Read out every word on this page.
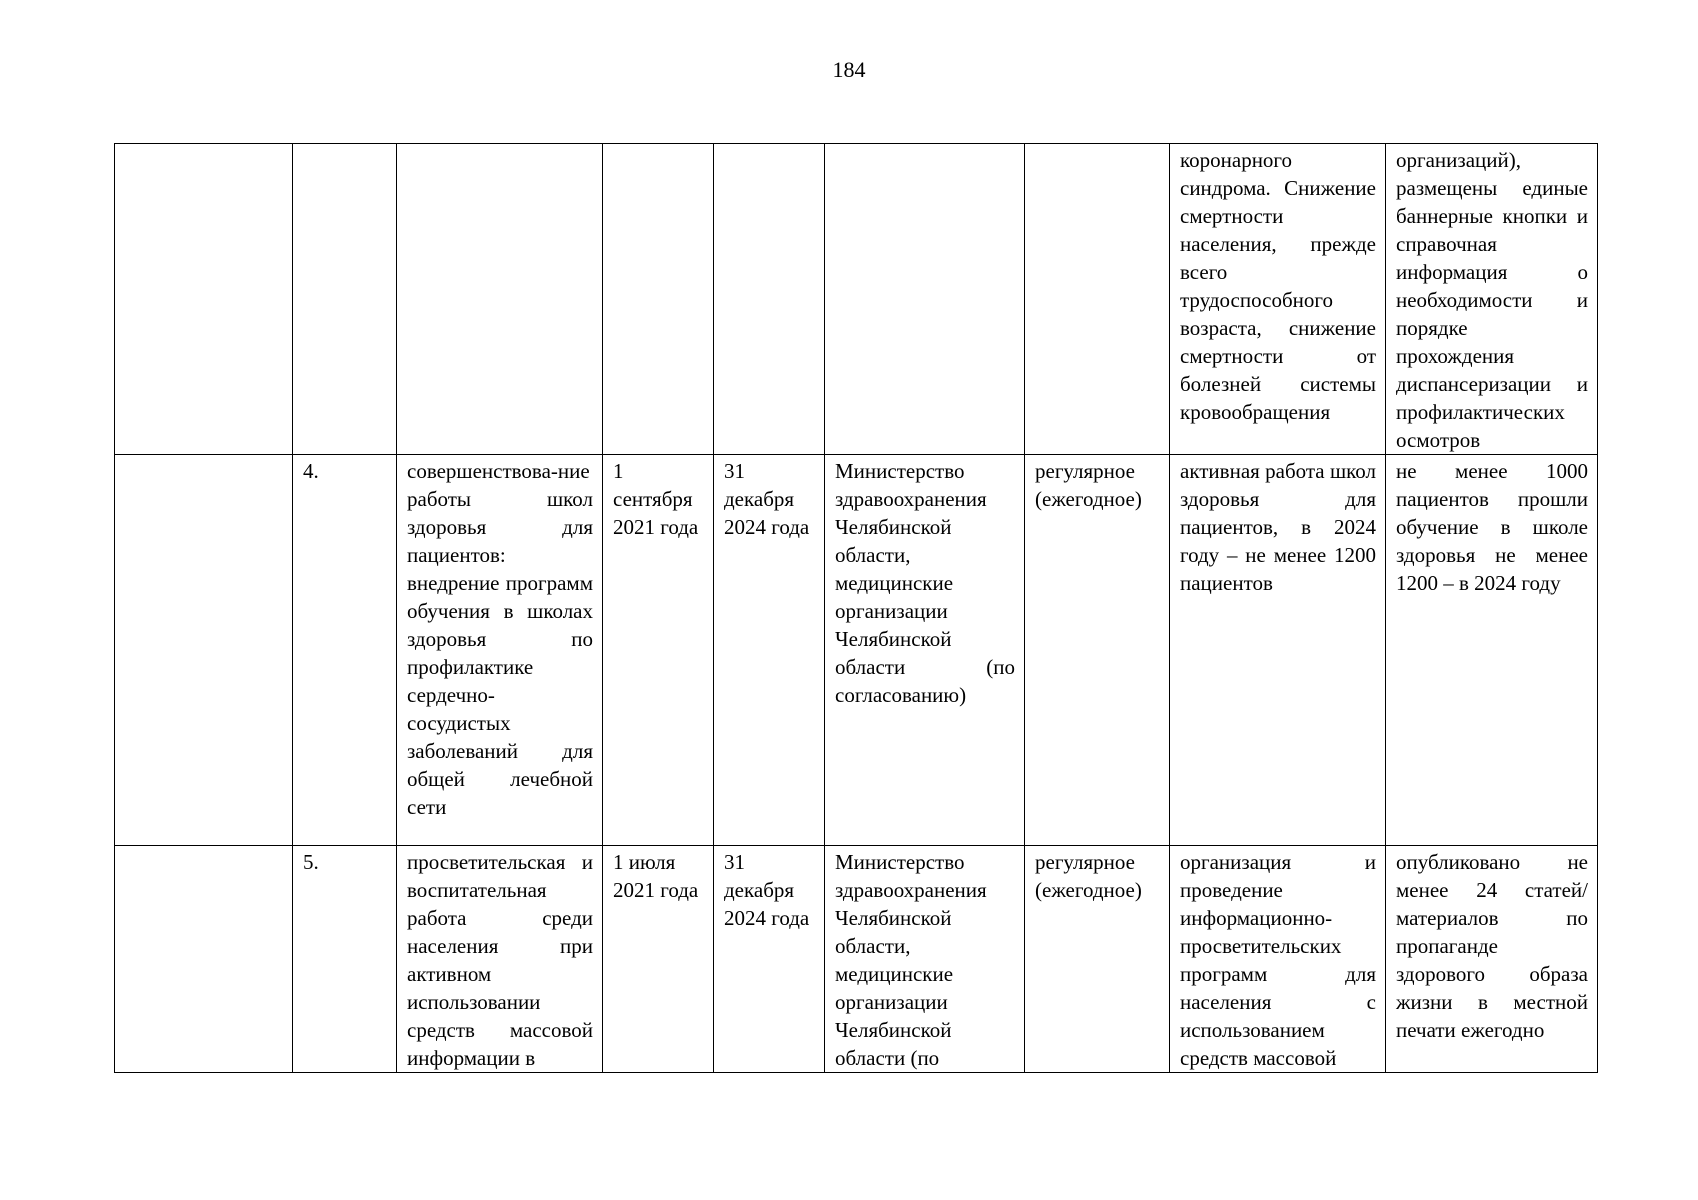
184
							коронарного синдрома. Снижение смертности населения, прежде всего трудоспособного возраста, снижение смертности от болезней системы кровообращения	организаций), размещены единые баннерные кнопки и справочная информация о необходимости и порядке прохождения диспансеризации и профилактических осмотров
	4.	совершенствова-ние работы школ здоровья для пациентов: внедрение программ обучения в школах здоровья по профилактике сердечно-сосудистых заболеваний для общей лечебной сети	1 сентября 2021 года	31 декабря 2024 года	Министерство здравоохранения Челябинской области, медицинские организации Челябинской области (по согласованию)	регулярное (ежегодное)	активная работа школ здоровья для пациентов, в 2024 году – не менее 1200 пациентов	не менее 1000 пациентов прошли обучение в школе здоровья не менее 1200 – в 2024 году
	5.	просветительская и воспитательная работа среди населения при активном использовании средств массовой информации в	1 июля 2021 года	31 декабря 2024 года	Министерство здравоохранения Челябинской области, медицинские организации Челябинской области (по	регулярное (ежегодное)	организация и проведение информационно-просветительских программ для населения с использованием средств массовой	опубликовано не менее 24 статей/ материалов по пропаганде здорового образа жизни в местной печати ежегодно
